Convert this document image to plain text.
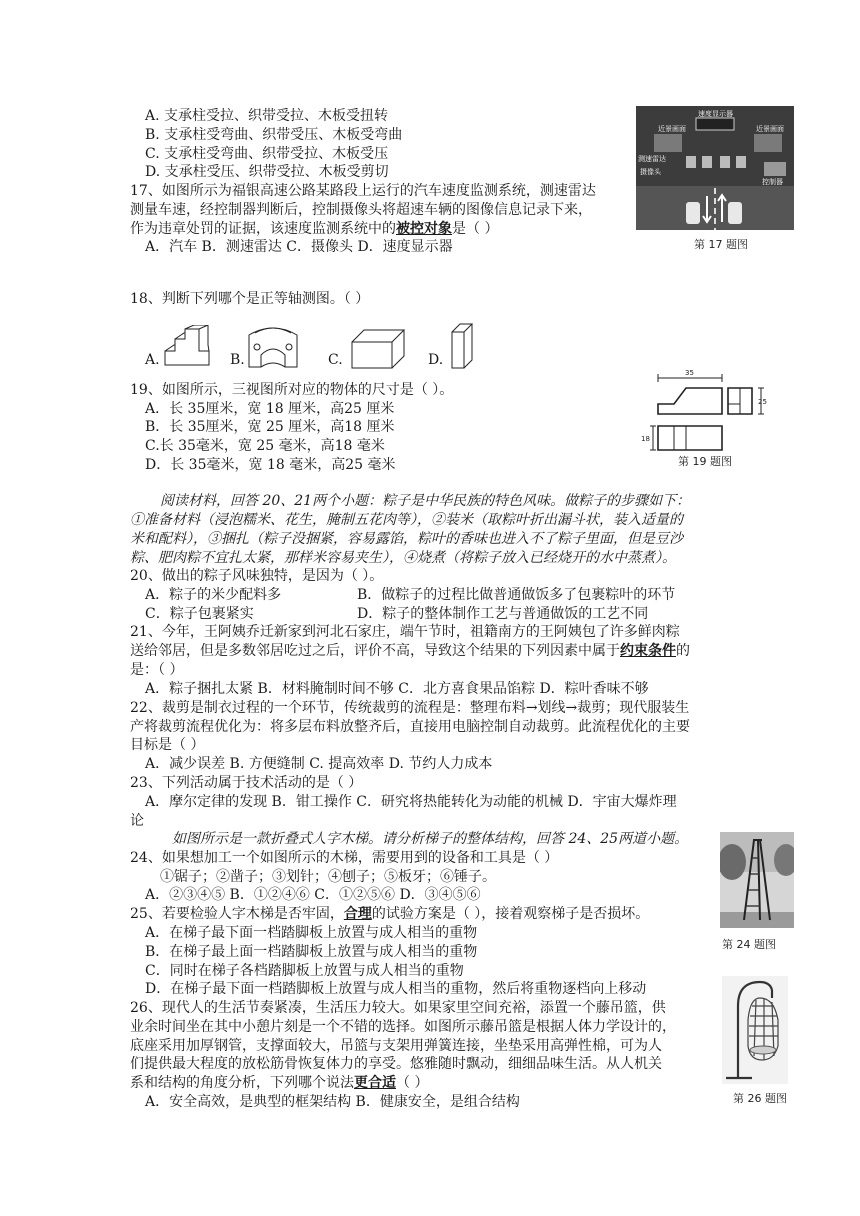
A. 支承柱受拉、织带受拉、木板受扭转
B. 支承柱受弯曲、织带受压、木板受弯曲
C. 支承柱受弯曲、织带受拉、木板受压
D. 支承柱受压、织带受拉、木板受剪切
17、如图所示为福银高速公路某路段上运行的汽车速度监测系统，测速雷达
测量车速，经控制器判断后，控制摄像头将超速车辆的图像信息记录下来，
作为违章处罚的证据，该速度监测系统中的被控对象是（ ）
A．汽车 B．测速雷达 C．摄像头 D．速度显示器
速度显示器
近景画面	近景画面
测速雷达
摄像头
控制器
第 17 题图
18、判断下列哪个是正等轴测图。（ ）
A.	B.	C.	D.
19、如图所示，三视图所对应的物体的尺寸是（ ）。
A．长 35厘米，宽 18 厘米，高25 厘米
B．长 35厘米，宽 25 厘米，高18 厘米
C.长 35毫米，宽 25 毫米，高18 毫米
D．长 35毫米，宽 18 毫米，高25 毫米
35
25
18
第 19 题图
阅读材料，回答 20、21两个小题：粽子是中华民族的特色风味。做粽子的步骤如下：
①准备材料（浸泡糯米、花生，腌制五花肉等），②装米（取粽叶折出漏斗状，装入适量的
米和配料），③捆扎（粽子没捆紧，容易露馅，粽叶的香味也进入不了粽子里面，但是豆沙
粽、肥肉粽不宜扎太紧，那样米容易夹生），④烧煮（将粽子放入已经烧开的水中蒸煮）。
20、做出的粽子风味独特，是因为（ ）。
A．粽子的米少配料多	B．做粽子的过程比做普通做饭多了包裹粽叶的环节
C．粽子包裹紧实	D．粽子的整体制作工艺与普通做饭的工艺不同
21、今年，王阿姨乔迁新家到河北石家庄，端午节时，祖籍南方的王阿姨包了许多鲜肉粽
送给邻居，但是多数邻居吃过之后，评价不高，导致这个结果的下列因素中属于约束条件的
是：（ ）
A．粽子捆扎太紧 B．材料腌制时间不够 C．北方喜食果品馅粽 D．粽叶香味不够
22、裁剪是制衣过程的一个环节，传统裁剪的流程是：整理布料→划线→裁剪；现代服装生
产将裁剪流程优化为：将多层布料放整齐后，直接用电脑控制自动裁剪。此流程优化的主要
目标是（ ）
A．减少误差 B. 方便缝制 C. 提高效率 D. 节约人力成本
23、下列活动属于技术活动的是（ ）
A．摩尔定律的发现 B．钳工操作 C．研究将热能转化为动能的机械 D．宇宙大爆炸理
论
如图所示是一款折叠式人字木梯。请分析梯子的整体结构，回答 24、25两道小题。
第 24 题图
24、如果想加工一个如图所示的木梯，需要用到的设备和工具是（ ）
①锯子；②凿子；③划针；④刨子；⑤板牙；⑥锤子。
A．②③④⑤ B．①②④⑥ C．①②⑤⑥ D．③④⑤⑥
25、若要检验人字木梯是否牢固，合理的试验方案是（ ），接着观察梯子是否损坏。
A．在梯子最下面一档踏脚板上放置与成人相当的重物
B．在梯子最上面一档踏脚板上放置与成人相当的重物
C．同时在梯子各档踏脚板上放置与成人相当的重物
D．在梯子最下面一档踏脚板上放置与成人相当的重物，然后将重物逐档向上移动
第 26 题图
26、现代人的生活节奏紧凑，生活压力较大。如果家里空间充裕，添置一个藤吊篮，供
业余时间坐在其中小憩片刻是一个不错的选择。如图所示藤吊篮是根据人体力学设计的，
底座采用加厚钢管，支撑面较大，吊篮与支架用弹簧连接，坐垫采用高弹性棉，可为人
们提供最大程度的放松筋骨恢复体力的享受。悠雅随时飘动，细细品味生活。从人机关
系和结构的角度分析，下列哪个说法更合适（ ）
A．安全高效，是典型的框架结构 B．健康安全，是组合结构
